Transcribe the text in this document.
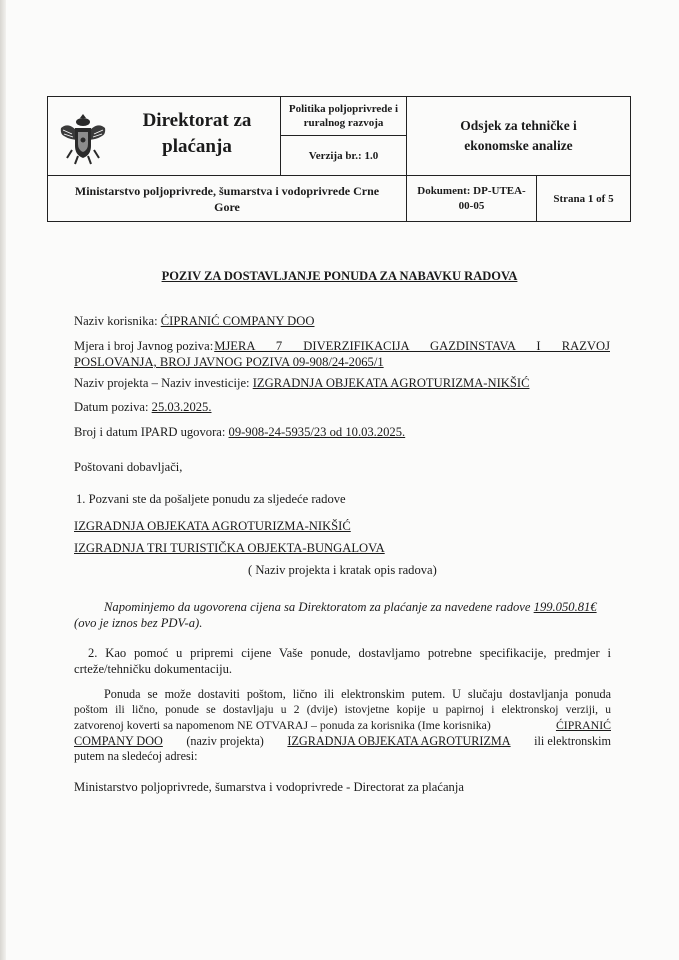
Direktorat za
plaćanja
Politika poljoprivrede i
ruralnog razvoja
Verzija br.: 1.0
Odsjek za tehničke i
ekonomske analize
Ministarstvo poljoprivrede, šumarstva i vodoprivrede Crne
Gore
Dokument: DP-UTEA-
00-05
Strana 1 of 5
POZIV ZA DOSTAVLJANJE PONUDA ZA NABAVKU RADOVA
Naziv korisnika: ĆIPRANIĆ COMPANY DOO
Mjera i broj Javnog poziva: MJERA 7 DIVERZIFIKACIJA GAZDINSTAVA I RAZVOJ
POSLOVANJA, BROJ JAVNOG POZIVA 09-908/24-2065/1
Naziv projekta – Naziv investicije: IZGRADNJA OBJEKATA AGROTURIZMA-NIKŠIĆ
Datum poziva: 25.03.2025.
Broj i datum IPARD ugovora: 09-908-24-5935/23 od 10.03.2025.
Poštovani dobavljači,
1. Pozvani ste da pošaljete ponudu za sljedeće radove
IZGRADNJA OBJEKATA AGROTURIZMA-NIKŠIĆ
IZGRADNJA TRI TURISTIČKA OBJEKTA-BUNGALOVA
( Naziv projekta i kratak opis radova)
Napominjemo da ugovorena cijena sa Direktoratom za plaćanje za navedene radove 199.050.81€
(ovo je iznos bez PDV-a).
2. Kao pomoć u pripremi cijene Vaše ponude, dostavljamo potrebne specifikacije, predmjer i
crteže/tehničku dokumentaciju.
Ponuda se može dostaviti poštom, lično ili elektronskim putem. U slučaju dostavljanja ponuda
poštom ili lično, ponude se dostavljaju u 2 (dvije) istovjetne kopije u papirnoj i elektronskoj verziji, u
zatvorenoj koverti sa napomenom NE OTVARAJ – ponuda za korisnika (Ime korisnika)	ĆIPRANIĆ
COMPANY DOO (naziv projekta) IZGRADNJA OBJEKATA AGROTURIZMA ili elektronskim
putem na sledećoj adresi:
Ministarstvo poljoprivrede, šumarstva i vodoprivrede - Directorat za plaćanja
